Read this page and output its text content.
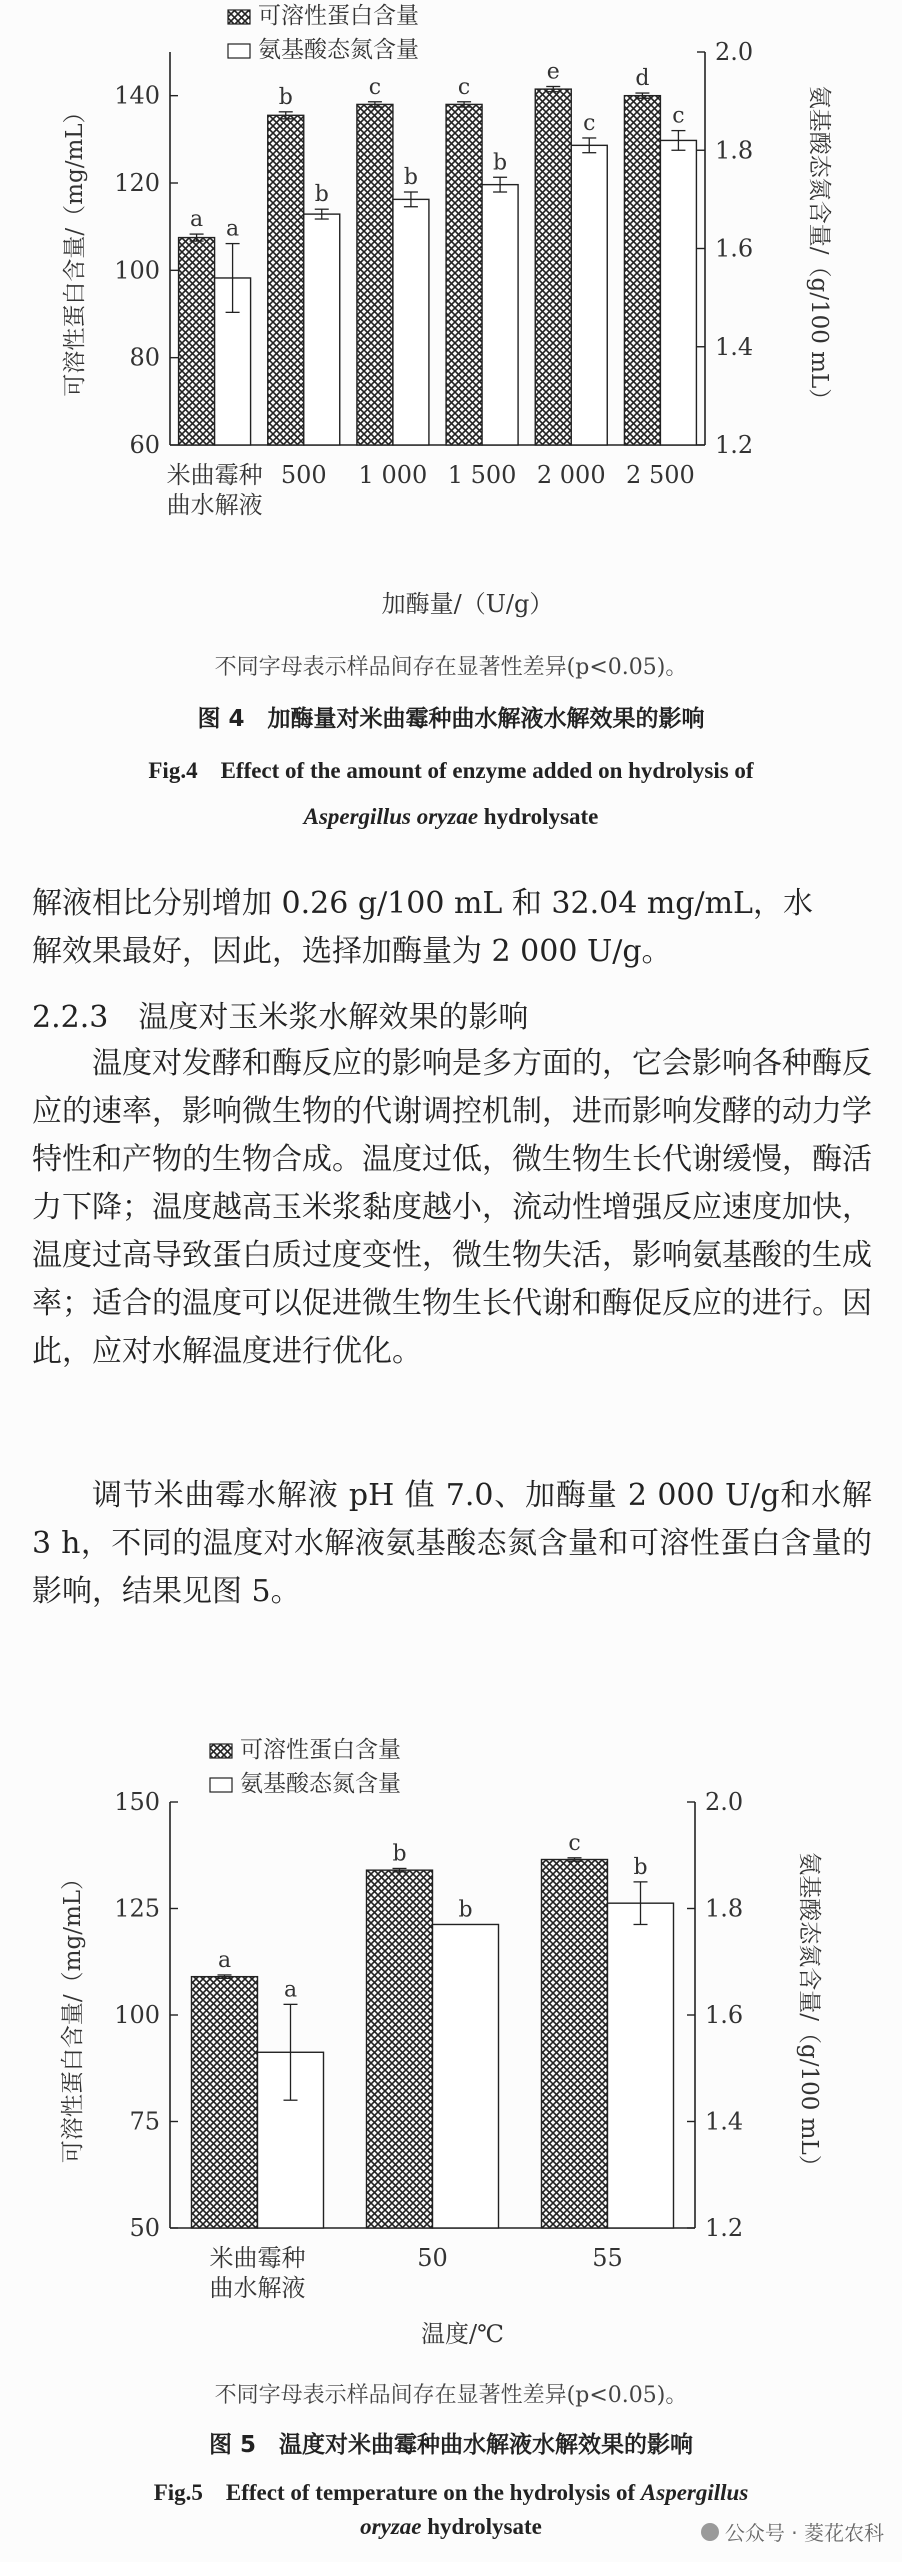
可溶性蛋白含量
氨基酸态氮含量
60
80
100
120
140
1.2
1.4
1.6
1.8
2.0
可溶性蛋白含量/（mg/mL）	氨基酸态氮含量/（g/100 mL）
a a
米曲霉种
曲水解液
b
b
500
c
b
1 000
c
b
1 500
e
c
2 000
d
c
2 500
加酶量/（U/g）
不同字母表示样品间存在显著性差异(p<0.05)。
图 4　加酶量对米曲霉种曲水解液水解效果的影响
Fig.4　Effect of the amount of enzyme added on hydrolysis of
Aspergillus oryzae hydrolysate

解液相比分别增加 0.26 g/100 mL 和 32.04 mg/mL，水

解效果最好，因此，选择加酶量为 2 000 U/g。

2.2.3　温度对玉米浆水解效果的影响

温度对发酵和酶反应的影响是多方面的，它会影响各种酶反应的速率，影响微生物的代谢调控机制，进而影响发酵的动力学特性和产物的生物合成。温度过低，微生物生长代谢缓慢，酶活力下降；温度越高玉米浆黏度越小，流动性增强反应速度加快，温度过高导致蛋白质过度变性，微生物失活，影响氨基酸的生成率；适合的温度可以促进微生物生长代谢和酶促反应的进行。因此，应对水解温度进行优化。

调节米曲霉水解液 pH 值 7.0、加酶量 2 000 U/g和水解 3 h，不同的温度对水解液氨基酸态氮含量和可溶性蛋白含量的影响，结果见图 5。

可溶性蛋白含量
氨基酸态氮含量
50
75
100
125
150
1.2
1.4
1.6
1.8
2.0
可溶性蛋白含量/（mg/mL）	氨基酸态氮含量/（g/100 mL）
a
a
米曲霉种
曲水解液
b
b
50
c
b
55
温度/℃
不同字母表示样品间存在显著性差异(p<0.05)。
图 5　温度对米曲霉种曲水解液水解效果的影响
Fig.5　Effect of temperature on the hydrolysis of Aspergillus
oryzae hydrolysate	公众号 · 菱花农科
